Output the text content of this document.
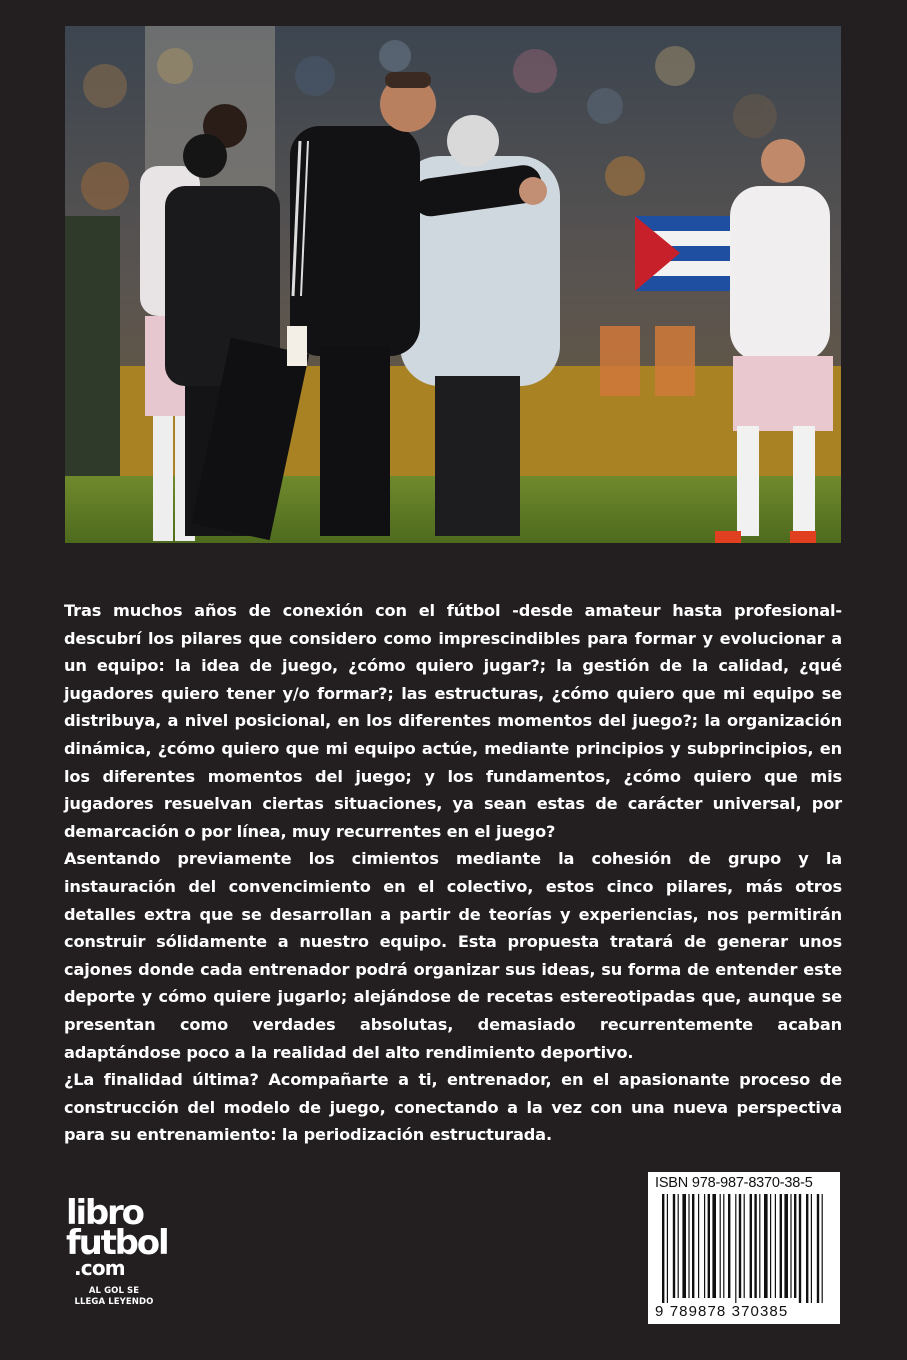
Tras muchos años de conexión con el fútbol -desde amateur hasta profesional- descubrí los pilares que considero como imprescindibles para formar y evolucionar a un equipo: la idea de juego, ¿cómo quiero jugar?; la gestión de la calidad, ¿qué jugadores quiero tener y/o formar?; las estructuras, ¿cómo quiero que mi equipo se distribuya, a nivel posicional, en los diferentes momentos del juego?; la organización dinámica, ¿cómo quiero que mi equipo actúe, mediante principios y subprincipios, en los diferentes momentos del juego; y los fundamentos, ¿cómo quiero que mis jugadores resuelvan ciertas situaciones, ya sean estas de carácter universal, por demarcación o por línea, muy recurrentes en el juego?

Asentando previamente los cimientos mediante la cohesión de grupo y la instauración del convencimiento en el colectivo, estos cinco pilares, más otros detalles extra que se desarrollan a partir de teorías y experiencias, nos permitirán construir sólidamente a nuestro equipo. Esta propuesta tratará de generar unos cajones donde cada entrenador podrá organizar sus ideas, su forma de entender este deporte y cómo quiere jugarlo; alejándose de recetas estereotipadas que, aunque se presentan como verdades absolutas, demasiado recurrentemente acaban adaptándose poco a la realidad del alto rendimiento deportivo.

¿La finalidad última? Acompañarte a ti, entrenador, en el apasionante proceso de construcción del modelo de juego, conectando a la vez con una nueva perspectiva para su entrenamiento: la periodización estructurada.

libro
futbol
.com
AL GOL SE
LLEGA LEYENDO
ISBN 978-987-8370-38-5
9 789878 370385
